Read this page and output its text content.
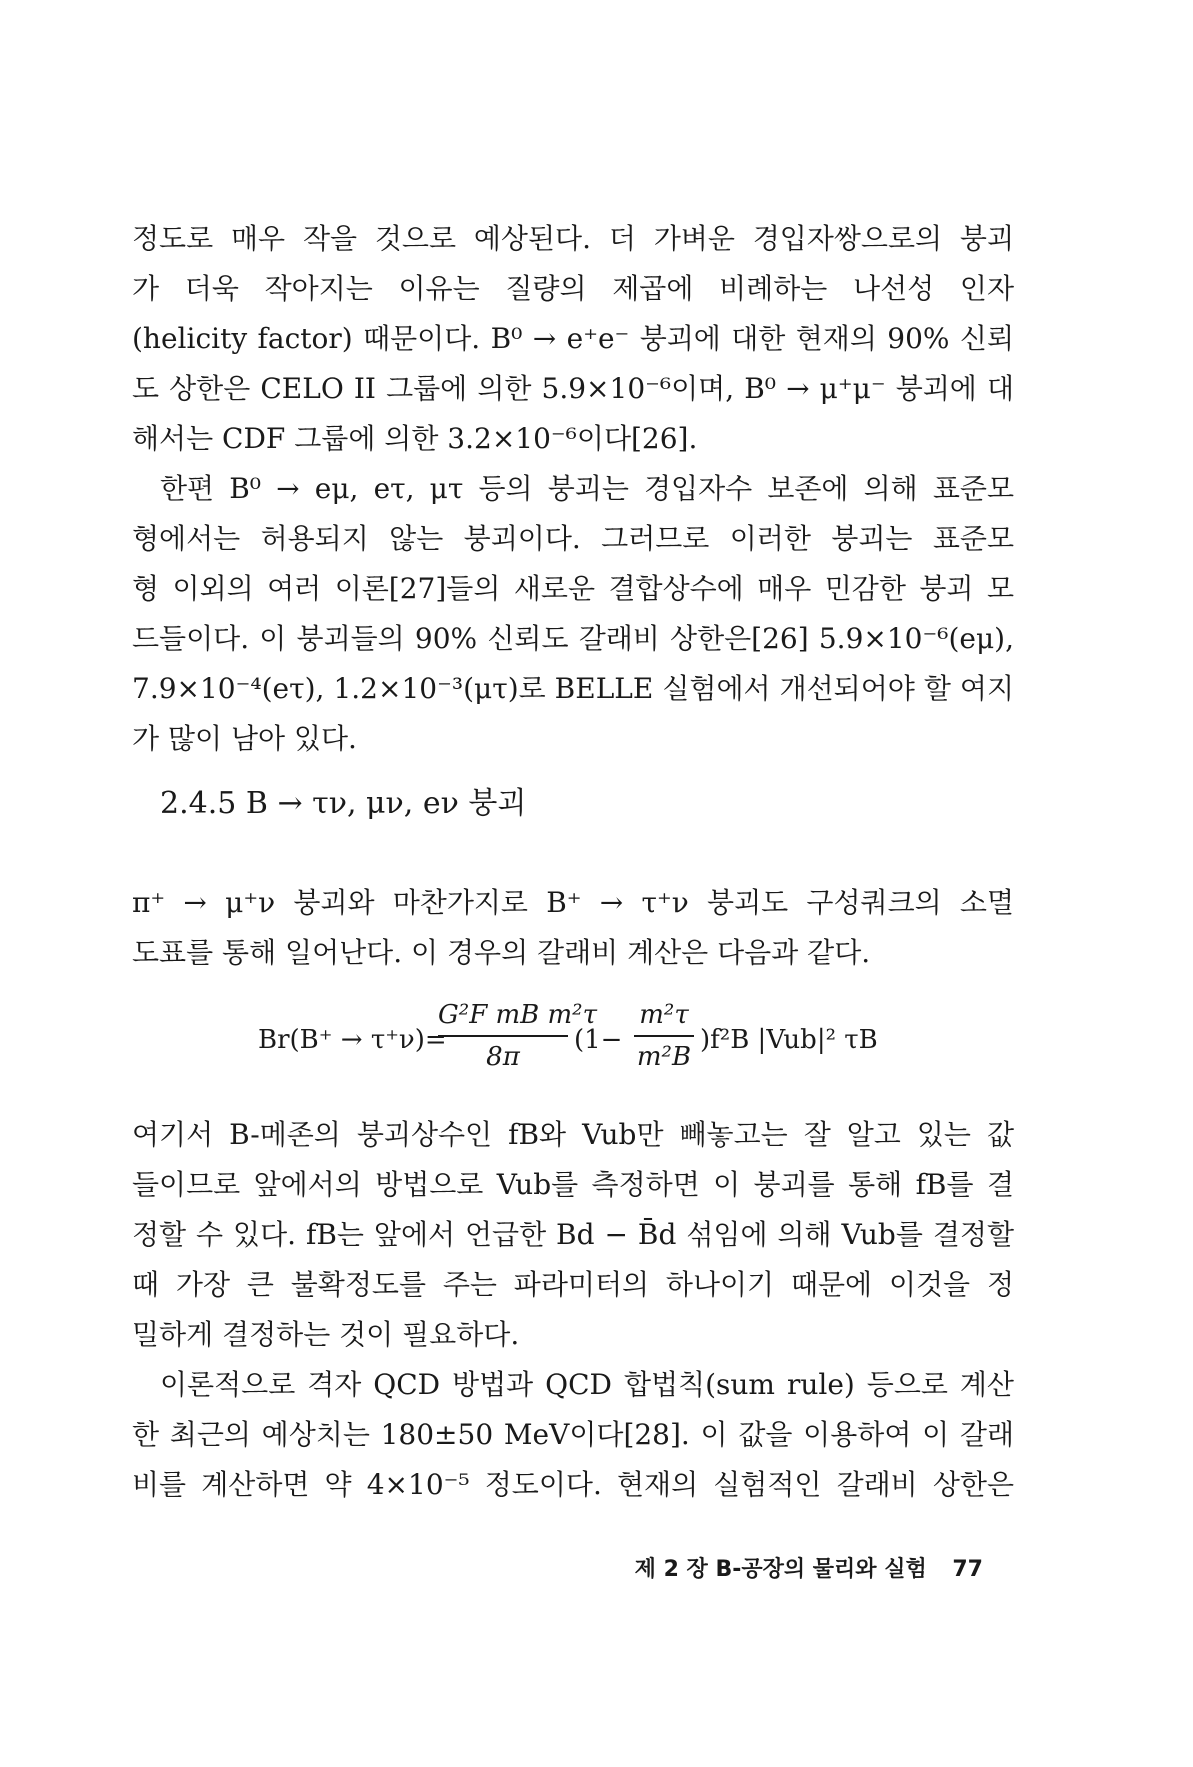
정도로 매우 작을 것으로 예상된다. 더 가벼운 경입자쌍으로의 붕괴
가 더욱 작아지는 이유는 질량의 제곱에 비례하는 나선성 인자
(helicity factor) 때문이다. B⁰ → e⁺e⁻ 붕괴에 대한 현재의 90% 신뢰
도 상한은 CELO II 그룹에 의한 5.9×10⁻⁶이며, B⁰ → μ⁺μ⁻ 붕괴에 대
해서는 CDF 그룹에 의한 3.2×10⁻⁶이다[26].
한편 B⁰ → eμ, eτ, μτ 등의 붕괴는 경입자수 보존에 의해 표준모
형에서는 허용되지 않는 붕괴이다. 그러므로 이러한 붕괴는 표준모
형 이외의 여러 이론[27]들의 새로운 결합상수에 매우 민감한 붕괴 모
드들이다. 이 붕괴들의 90% 신뢰도 갈래비 상한은[26] 5.9×10⁻⁶(eμ),
7.9×10⁻⁴(eτ), 1.2×10⁻³(μτ)로 BELLE 실험에서 개선되어야 할 여지
가 많이 남아 있다.
2.4.5 B → τν, μν, eν 붕괴
π⁺ → μ⁺ν 붕괴와 마찬가지로 B⁺ → τ⁺ν 붕괴도 구성쿼크의 소멸
도표를 통해 일어난다. 이 경우의 갈래비 계산은 다음과 같다.
Br(B⁺ → τ⁺ν)=
G²F mB m²τ
8π
(1−
m²τ
m²B
)f²B |Vub|² τB
여기서 B-메존의 붕괴상수인 fB와 Vub만 빼놓고는 잘 알고 있는 값
들이므로 앞에서의 방법으로 Vub를 측정하면 이 붕괴를 통해 fB를 결
정할 수 있다. fB는 앞에서 언급한 Bd − B̄d 섞임에 의해 Vub를 결정할
때 가장 큰 불확정도를 주는 파라미터의 하나이기 때문에 이것을 정
밀하게 결정하는 것이 필요하다.
이론적으로 격자 QCD 방법과 QCD 합법칙(sum rule) 등으로 계산
한 최근의 예상치는 180±50 MeV이다[28]. 이 값을 이용하여 이 갈래
비를 계산하면 약 4×10⁻⁵ 정도이다. 현재의 실험적인 갈래비 상한은
제 2 장 B-공장의 물리와 실험 77
